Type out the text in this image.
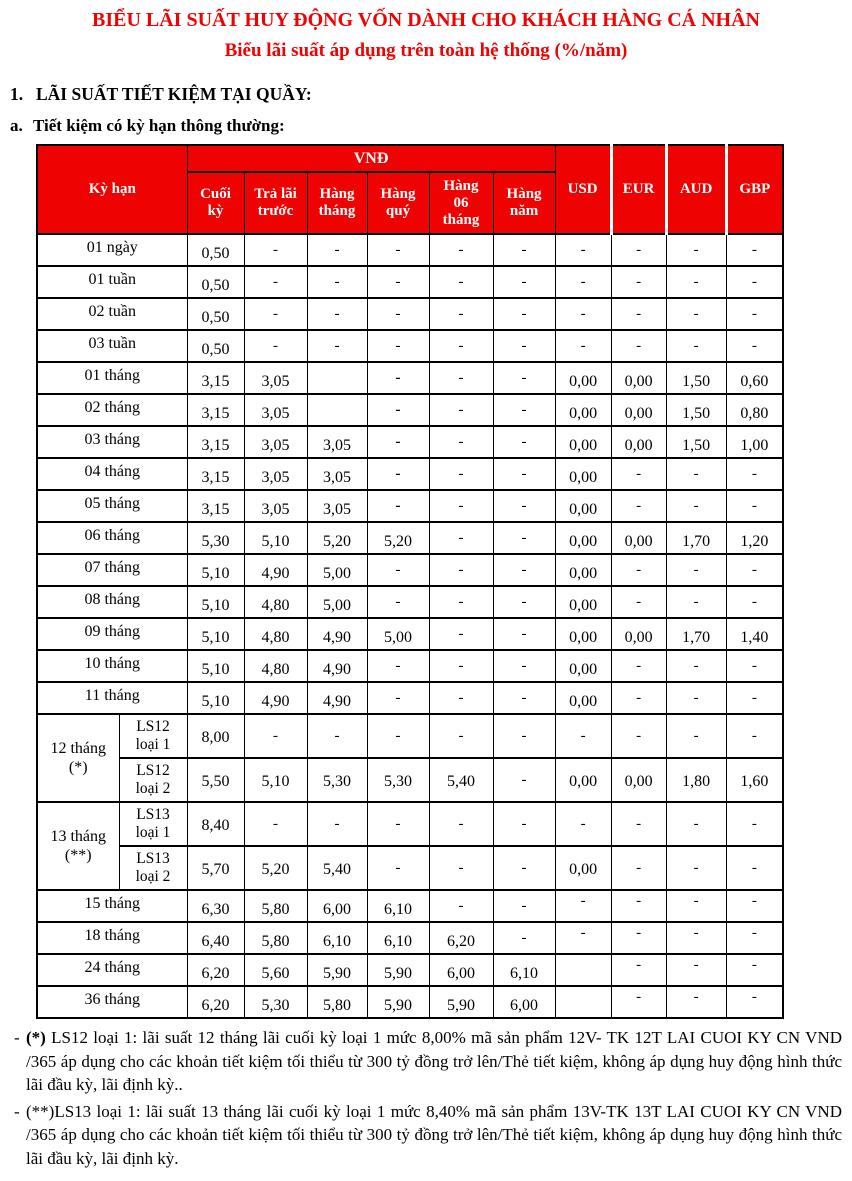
BIỂU LÃI SUẤT HUY ĐỘNG VỐN DÀNH CHO KHÁCH HÀNG CÁ NHÂN
Biểu lãi suất áp dụng trên toàn hệ thống (%/năm)
1. LÃI SUẤT TIẾT KIỆM TẠI QUẦY:
a. Tiết kiệm có kỳ hạn thông thường:
Kỳ hạn		VNĐ						USD	EUR	AUD	GBP
		Cuối kỳ	Trả lãi trước	Hàng tháng	Hàng quý	Hàng 06 tháng	Hàng năm				

01 ngày		0,50	-	-	-	-	-	-	-	-	-

01 tuần		0,50	-	-	-	-	-	-	-	-	-

02 tuần		0,50	-	-	-	-	-	-	-	-	-

03 tuần		0,50	-	-	-	-	-	-	-	-	-

01 tháng		3,15	3,05		-	-	-	0,00	0,00	1,50	0,60

02 tháng		3,15	3,05		-	-	-	0,00	0,00	1,50	0,80

03 tháng		3,15	3,05	3,05	-	-	-	0,00	0,00	1,50	1,00

04 tháng		3,15	3,05	3,05	-	-	-	0,00	-	-	-

05 tháng		3,15	3,05	3,05	-	-	-	0,00	-	-	-

06 tháng		5,30	5,10	5,20	5,20	-	-	0,00	0,00	1,70	1,20

07 tháng		5,10	4,90	5,00	-	-	-	0,00	-	-	-

08 tháng		5,10	4,80	5,00	-	-	-	0,00	-	-	-

09 tháng		5,10	4,80	4,90	5,00	-	-	0,00	0,00	1,70	1,40

10 tháng		5,10	4,80	4,90	-	-	-	0,00	-	-	-

11 tháng		5,10	4,90	4,90	-	-	-	0,00	-	-	-

12 tháng
(*)	LS12 loại 1	8,00	-	-	-	-	-	-	-	-	-
	LS12 loại 2	5,50	5,10	5,30	5,30	5,40	-	0,00	0,00	1,80	1,60

13 tháng
(**)	LS13 loại 1	8,40	-	-	-	-	-	-	-	-	-
	LS13 loại 2	5,70	5,20	5,40	-	-	-	0,00	-	-	-

15 tháng		6,30	5,80	6,00	6,10	-	-	-	-	-	-

18 tháng		6,40	5,80	6,10	6,10	6,20	-	-	-	-	-

24 tháng		6,20	5,60	5,90	5,90	6,00	6,10		-	-	-

36 tháng		6,20	5,30	5,80	5,90	5,90	6,00		-	-	-
- (*) LS12 loại 1: lãi suất 12 tháng lãi cuối kỳ loại 1 mức 8,00% mã sản phẩm 12V- TK 12T LAI CUOI KY CN VND /365 áp dụng cho các khoản tiết kiệm tối thiểu từ 300 tỷ đồng trở lên/Thẻ tiết kiệm, không áp dụng huy động hình thức lãi đầu kỳ, lãi định kỳ..
- (**)LS13 loại 1: lãi suất 13 tháng lãi cuối kỳ loại 1 mức 8,40% mã sản phẩm 13V-TK 13T LAI CUOI KY CN VND /365 áp dụng cho các khoản tiết kiệm tối thiểu từ 300 tỷ đồng trở lên/Thẻ tiết kiệm, không áp dụng huy động hình thức lãi đầu kỳ, lãi định kỳ.
